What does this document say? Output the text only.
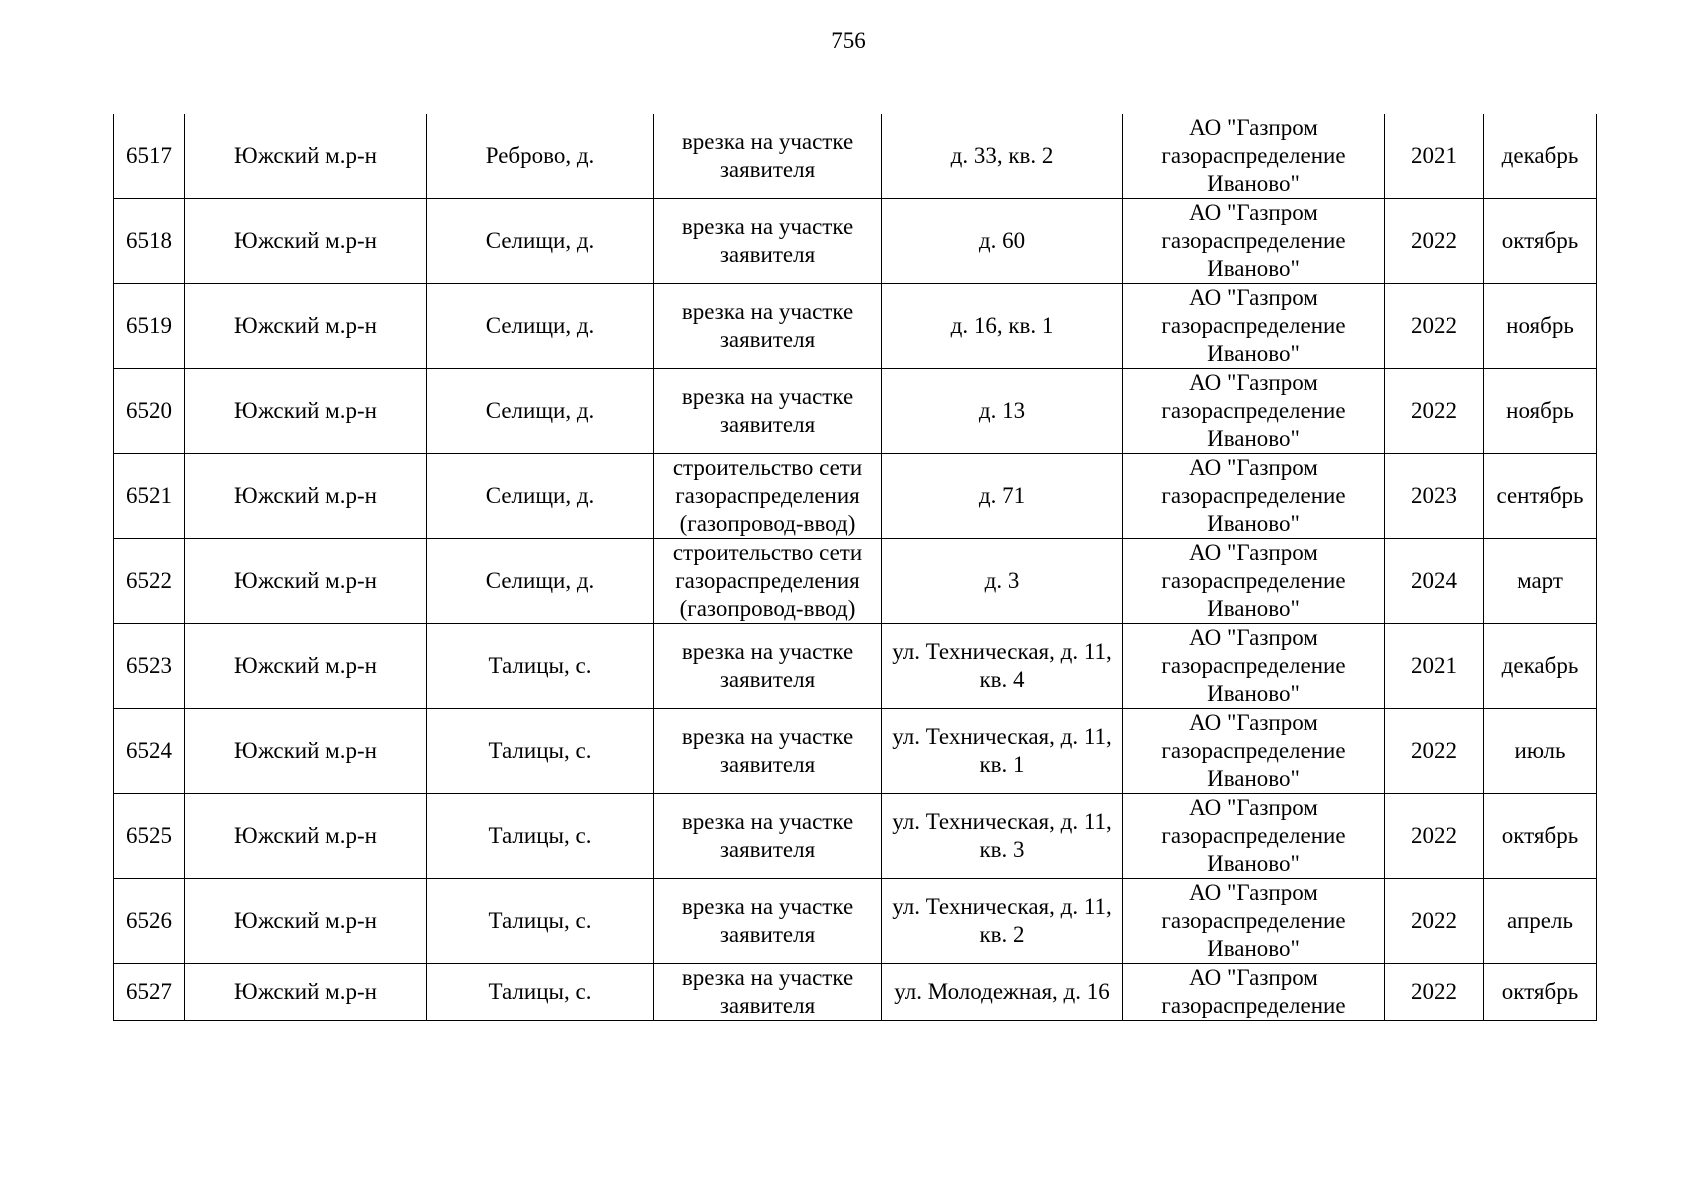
756
6517	Южский м.р-н	Реброво, д.	врезка на участке заявителя	д. 33, кв. 2	АО "Газпром газораспределение Иваново"	2021	декабрь
6518	Южский м.р-н	Селищи, д.	врезка на участке заявителя	д. 60	АО "Газпром газораспределение Иваново"	2022	октябрь
6519	Южский м.р-н	Селищи, д.	врезка на участке заявителя	д. 16, кв. 1	АО "Газпром газораспределение Иваново"	2022	ноябрь
6520	Южский м.р-н	Селищи, д.	врезка на участке заявителя	д. 13	АО "Газпром газораспределение Иваново"	2022	ноябрь
6521	Южский м.р-н	Селищи, д.	строительство сети газораспределения (газопровод-ввод)	д. 71	АО "Газпром газораспределение Иваново"	2023	сентябрь
6522	Южский м.р-н	Селищи, д.	строительство сети газораспределения (газопровод-ввод)	д. 3	АО "Газпром газораспределение Иваново"	2024	март
6523	Южский м.р-н	Талицы, с.	врезка на участке заявителя	ул. Техническая, д. 11, кв. 4	АО "Газпром газораспределение Иваново"	2021	декабрь
6524	Южский м.р-н	Талицы, с.	врезка на участке заявителя	ул. Техническая, д. 11, кв. 1	АО "Газпром газораспределение Иваново"	2022	июль
6525	Южский м.р-н	Талицы, с.	врезка на участке заявителя	ул. Техническая, д. 11, кв. 3	АО "Газпром газораспределение Иваново"	2022	октябрь
6526	Южский м.р-н	Талицы, с.	врезка на участке заявителя	ул. Техническая, д. 11, кв. 2	АО "Газпром газораспределение Иваново"	2022	апрель
6527	Южский м.р-н	Талицы, с.	врезка на участке заявителя	ул. Молодежная, д. 16	АО "Газпром газораспределение	2022	октябрь
